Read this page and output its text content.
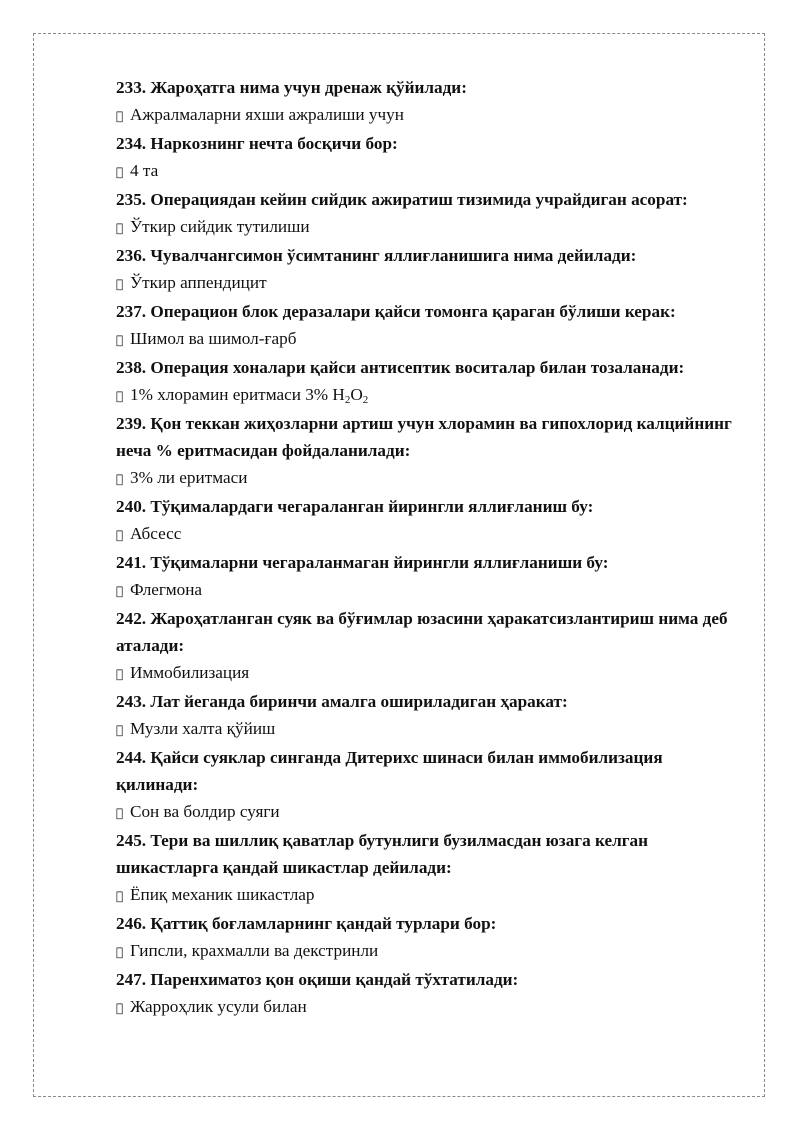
233. Жароҳатга нима учун дренаж қўйилади:
Ажралмаларни яхши ажралиши учун
234. Наркознинг нечта босқичи бор:
4 та
235. Операциядан кейин сийдик ажиратиш тизимида учрайдиган асорат:
Ўткир сийдик тутилиши
236. Чувалчангсимон ўсимтанинг яллиғланишига нима дейилади:
Ўткир аппендицит
237. Операцион блок деразалари қайси томонга қараган бўлиши керак:
Шимол ва шимол-ғарб
238. Операция хоналари қайси антисептик воситалар билан тозаланади:
1% хлорамин еритмаси 3% $H_2O_2$
239. Қон теккан жиҳозларни артиш учун хлорамин ва гипохлорид калцийнинг неча % еритмасидан фойдаланилади:
3% ли еритмаси
240. Тўқималардаги чегараланган йирингли яллиғланиш бу:
Абсесс
241. Тўқималарни чегараланмаган йирингли яллиғланиши бу:
Флегмона
242. Жароҳатланган суяк ва бўғимлар юзасини ҳаракатсизлантириш нима деб аталади:
Иммобилизация
243. Лат йеганда биринчи амалга ошириладиган ҳаракат:
Музли халта қўйиш
244. Қайси суяклар синганда Дитерихс шинаси билан иммобилизация қилинади:
Сон ва болдир суяги
245. Тери ва шиллиқ қаватлар бутунлиги бузилмасдан юзага келган шикастларга қандай шикастлар дейилади:
Ёпиқ механик шикастлар
246. Қаттиқ боғламларнинг қандай турлари бор:
Гипсли, крахмалли ва декстринли
247. Паренхиматоз қон оқиши қандай тўхтатилади:
Жарроҳлик усули билан
